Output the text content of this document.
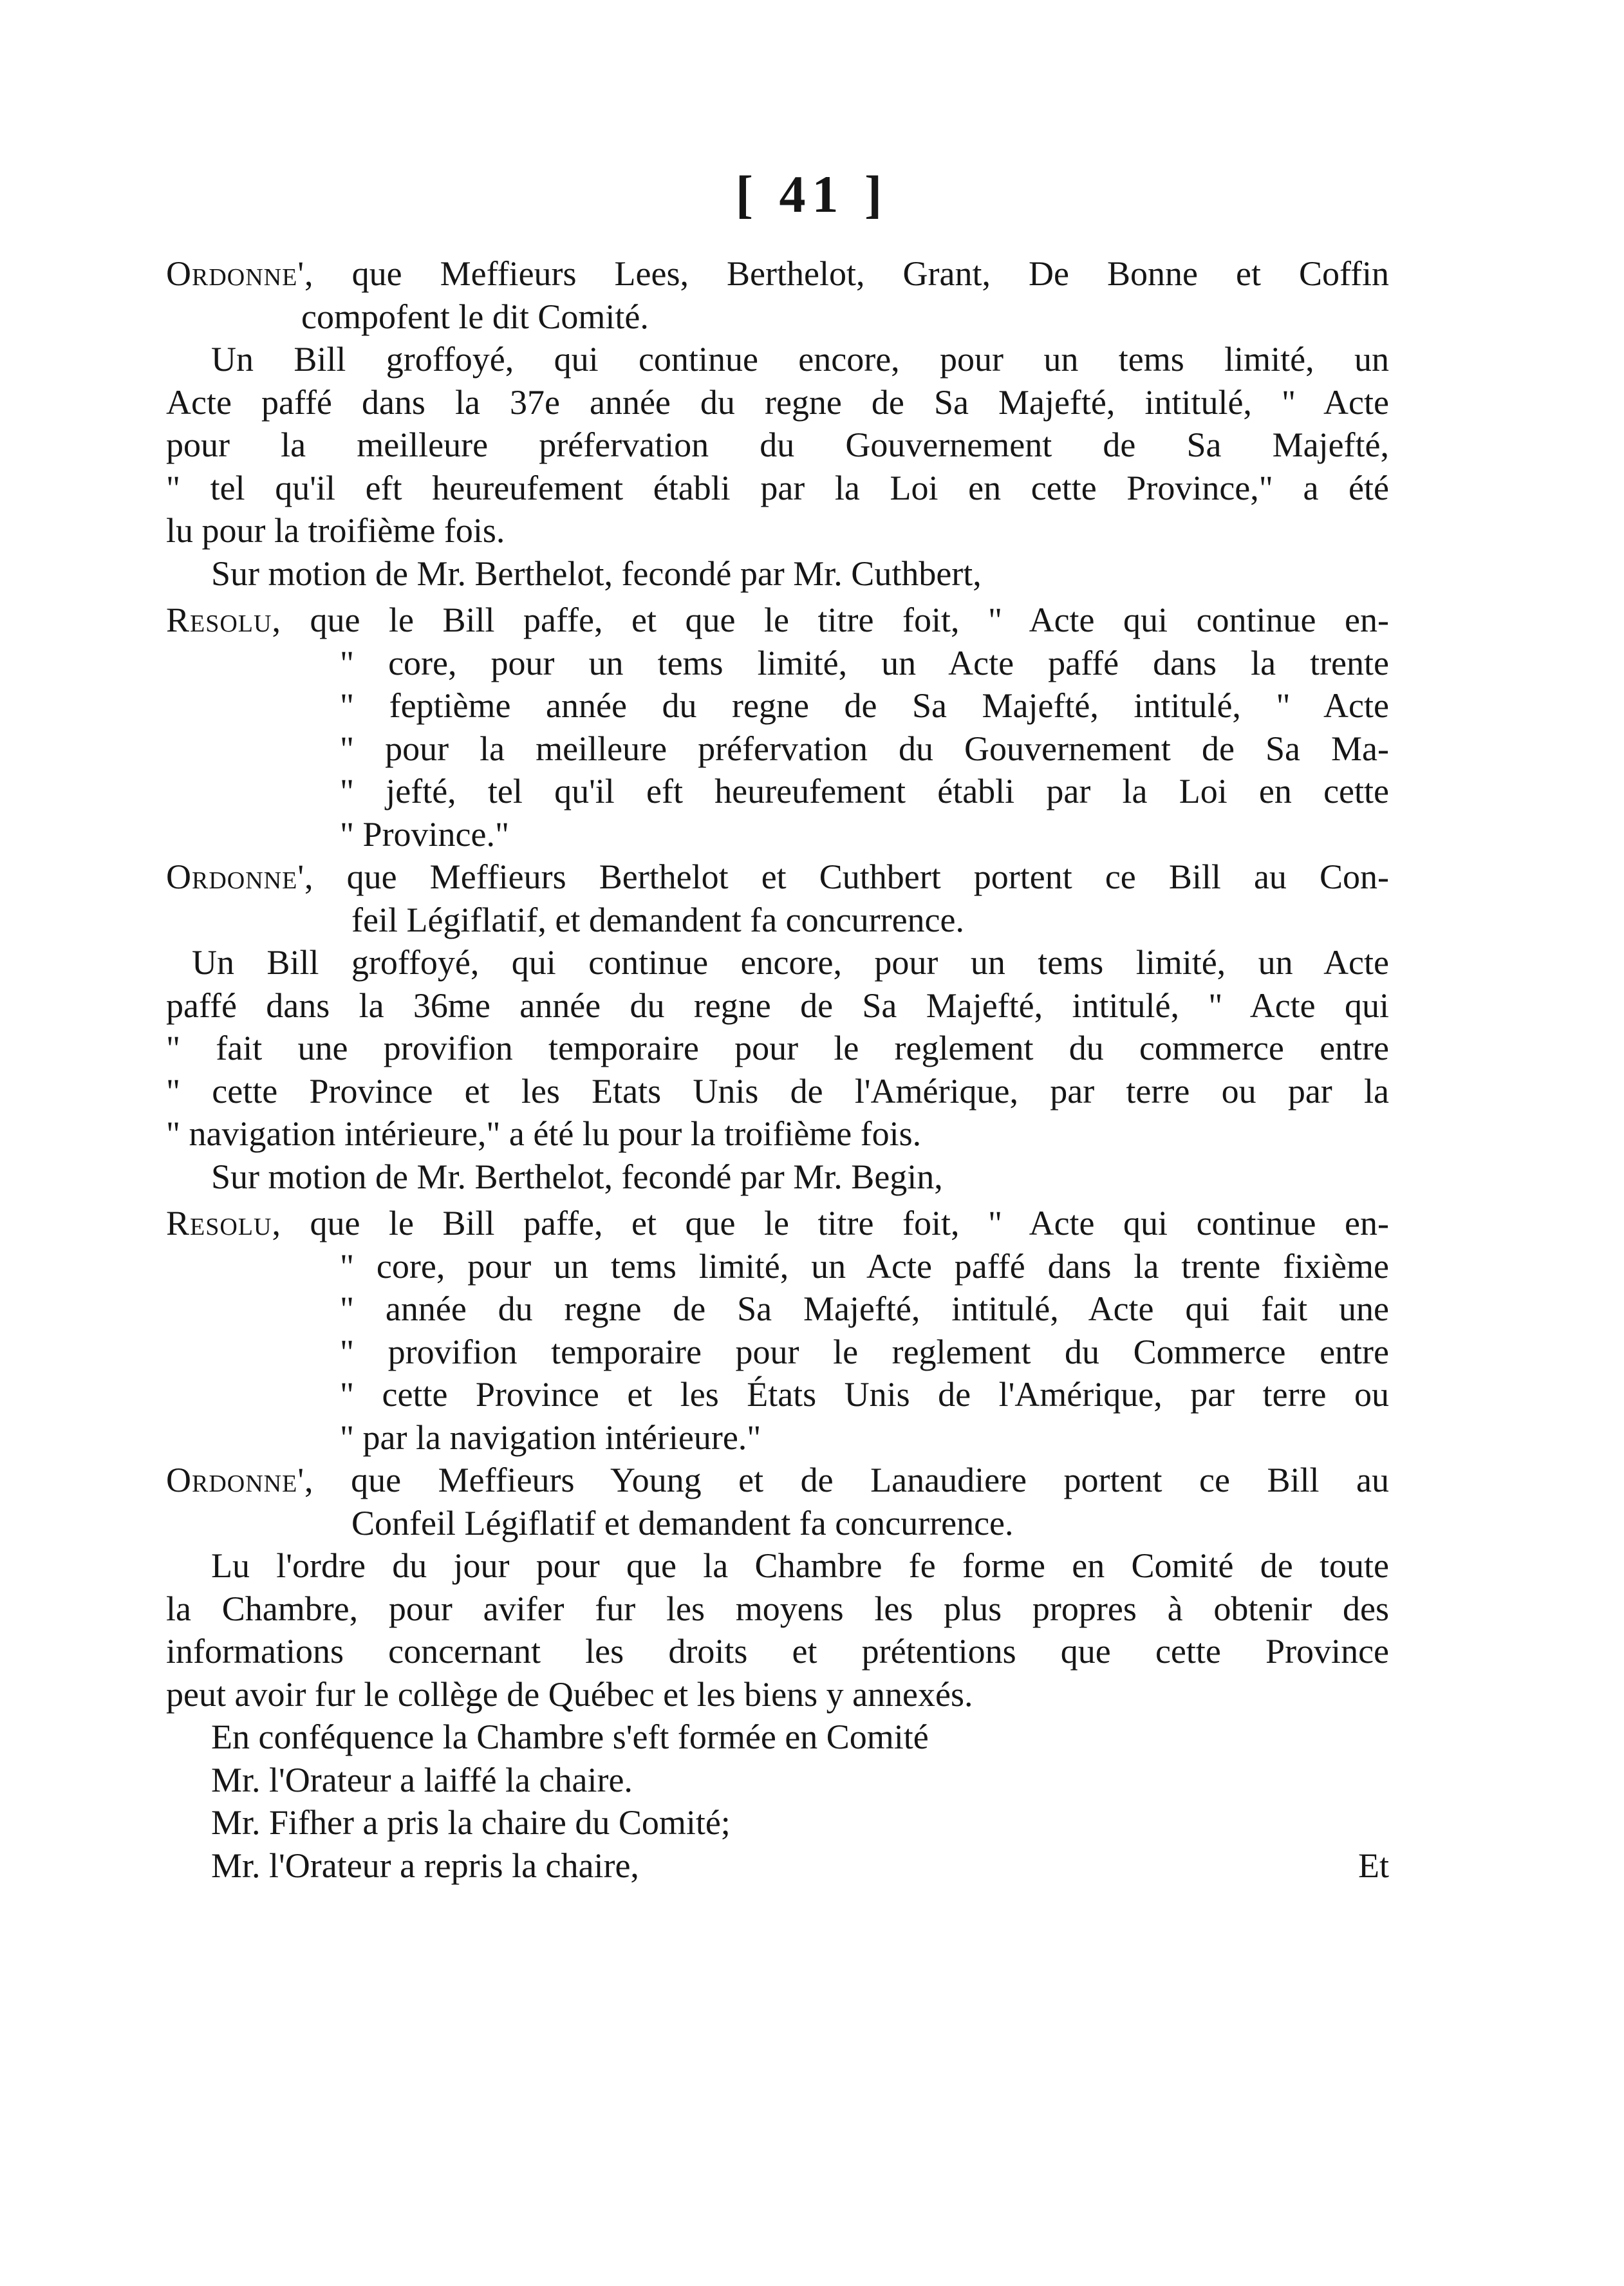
[ 41 ]
Ordonne', que Meffieurs Lees, Berthelot, Grant, De Bonne et Coffin
compofent le dit Comité.
Un Bill groffoyé, qui continue encore, pour un tems limité, un
Acte paffé dans la 37e année du regne de Sa Majefté, intitulé, " Acte
pour la meilleure préfervation du Gouvernement de Sa Majefté,
" tel qu'il eft heureufement établi par la Loi en cette Province," a été
lu pour la troifième fois.
Sur motion de Mr. Berthelot, fecondé par Mr. Cuthbert,
Resolu, que le Bill paffe, et que le titre foit, " Acte qui continue en-
" core, pour un tems limité, un Acte paffé dans la trente
" feptième année du regne de Sa Majefté, intitulé, " Acte
" pour la meilleure préfervation du Gouvernement de Sa Ma-
" jefté, tel qu'il eft heureufement établi par la Loi en cette
" Province."
Ordonne', que Meffieurs Berthelot et Cuthbert portent ce Bill au Con-
feil Légiflatif, et demandent fa concurrence.
Un Bill groffoyé, qui continue encore, pour un tems limité, un Acte
paffé dans la 36me année du regne de Sa Majefté, intitulé, " Acte qui
" fait une provifion temporaire pour le reglement du commerce entre
" cette Province et les Etats Unis de l'Amérique, par terre ou par la
" navigation intérieure," a été lu pour la troifième fois.
Sur motion de Mr. Berthelot, fecondé par Mr. Begin,
Resolu, que le Bill paffe, et que le titre foit, " Acte qui continue en-
" core, pour un tems limité, un Acte paffé dans la trente fixième
" année du regne de Sa Majefté, intitulé, Acte qui fait une
" provifion temporaire pour le reglement du Commerce entre
" cette Province et les États Unis de l'Amérique, par terre ou
" par la navigation intérieure."
Ordonne', que Meffieurs Young et de Lanaudiere portent ce Bill au
Confeil Légiflatif et demandent fa concurrence.
Lu l'ordre du jour pour que la Chambre fe forme en Comité de toute
la Chambre, pour avifer fur les moyens les plus propres à obtenir des
informations concernant les droits et prétentions que cette Province
peut avoir fur le collège de Québec et les biens y annexés.
En conféquence la Chambre s'eft formée en Comité
Mr. l'Orateur a laiffé la chaire.
Mr. Fifher a pris la chaire du Comité;
Mr. l'Orateur a repris la chaire,	Et
